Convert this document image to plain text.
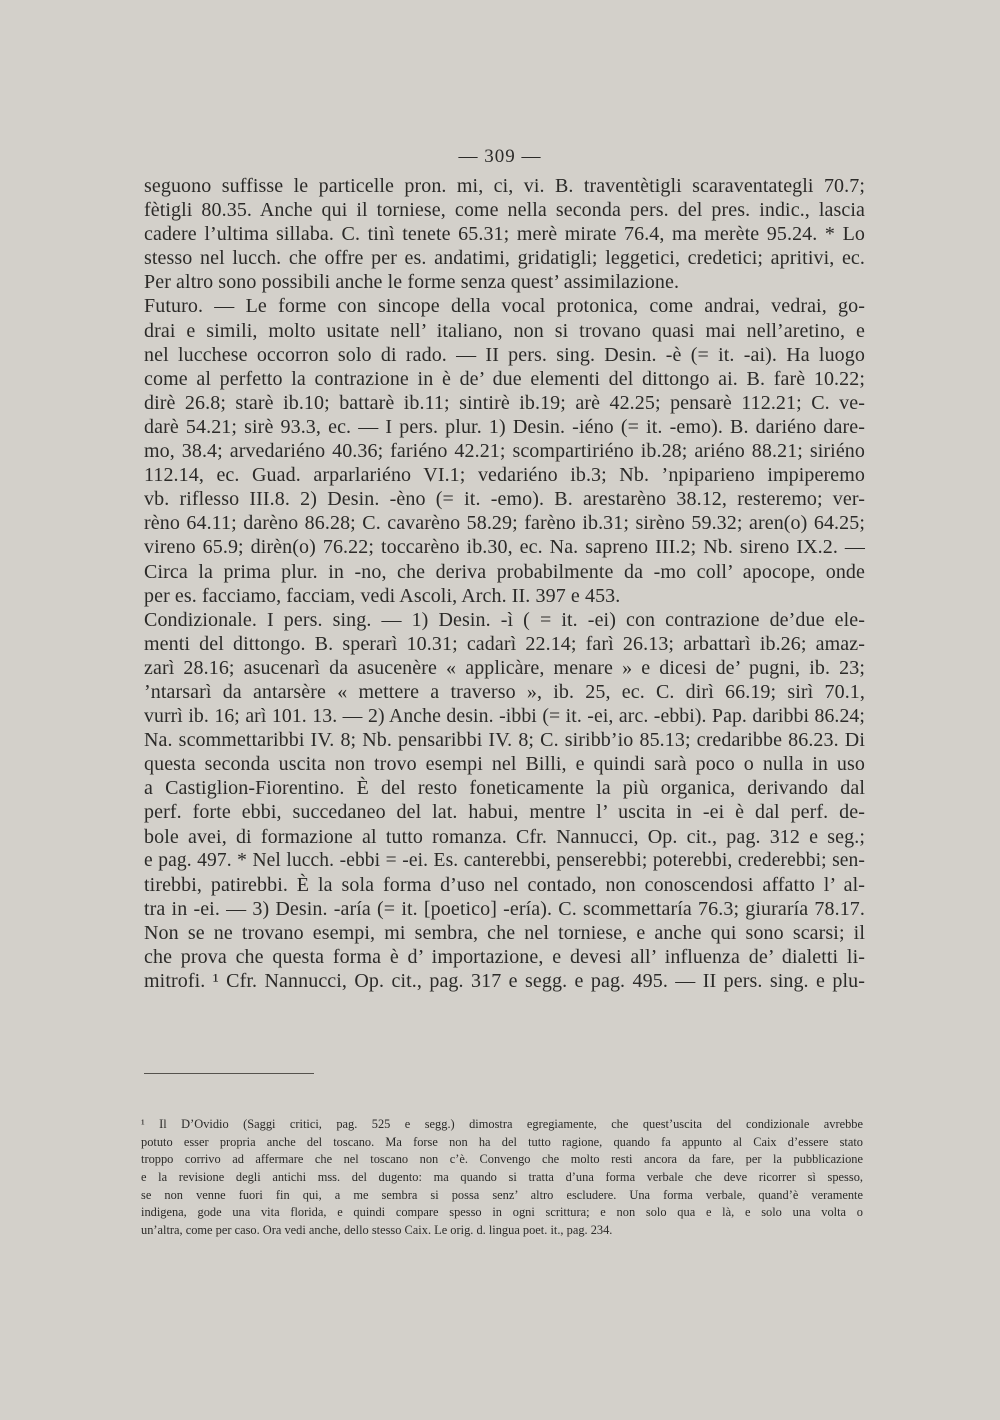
— 309 —
seguono suffisse le particelle pron. mi, ci, vi. B. traventètigli scaraventategli 70.7;
fètigli 80.35. Anche qui il torniese, come nella seconda pers. del pres. indic., lascia
cadere l’ultima sillaba. C. tinì tenete 65.31; merè mirate 76.4, ma merète 95.24. * Lo
stesso nel lucch. che offre per es. andatimi, gridatigli; leggetici, credetici; apritivi, ec.
Per altro sono possibili anche le forme senza quest’ assimilazione.
Futuro. — Le forme con sincope della vocal protonica, come andrai, vedrai, go-
drai e simili, molto usitate nell’ italiano, non si trovano quasi mai nell’aretino, e
nel lucchese occorron solo di rado. — II pers. sing. Desin. -è (= it. -ai). Ha luogo
come al perfetto la contrazione in è de’ due elementi del dittongo ai. B. farè 10.22;
dirè 26.8; starè ib.10; battarè ib.11; sintirè ib.19; arè 42.25; pensarè 112.21; C. ve-
darè 54.21; sirè 93.3, ec. — I pers. plur. 1) Desin. -iéno (= it. -emo). B. dariéno dare-
mo, 38.4; arvedariéno 40.36; fariéno 42.21; scompartiriéno ib.28; ariéno 88.21; siriéno
112.14, ec. Guad. arparlariéno VI.1; vedariéno ib.3; Nb. ’npiparieno impiperemo
vb. riflesso III.8. 2) Desin. -èno (= it. -emo). B. arestarèno 38.12, resteremo; ver-
rèno 64.11; darèno 86.28; C. cavarèno 58.29; farèno ib.31; sirèno 59.32; aren(o) 64.25;
vireno 65.9; dirèn(o) 76.22; toccarèno ib.30, ec. Na. sapreno III.2; Nb. sireno IX.2. —
Circa la prima plur. in -no, che deriva probabilmente da -mo coll’ apocope, onde
per es. facciamo, facciam, vedi Ascoli, Arch. II. 397 e 453.
Condizionale. I pers. sing. — 1) Desin. -ì ( = it. -ei) con contrazione de’due ele-
menti del dittongo. B. sperarì 10.31; cadarì 22.14; farì 26.13; arbattarì ib.26; amaz-
zarì 28.16; asucenarì da asucenère « applicàre, menare » e dicesi de’ pugni, ib. 23;
’ntarsarì da antarsère « mettere a traverso », ib. 25, ec. C. dirì 66.19; sirì 70.1,
vurrì ib. 16; arì 101. 13. — 2) Anche desin. -ibbi (= it. -ei, arc. -ebbi). Pap. daribbi 86.24;
Na. scommettaribbi IV. 8; Nb. pensaribbi IV. 8; C. siribb’io 85.13; credaribbe 86.23. Di
questa seconda uscita non trovo esempi nel Billi, e quindi sarà poco o nulla in uso
a Castiglion-Fiorentino. È del resto foneticamente la più organica, derivando dal
perf. forte ebbi, succedaneo del lat. habui, mentre l’ uscita in -ei è dal perf. de-
bole avei, di formazione al tutto romanza. Cfr. Nannucci, Op. cit., pag. 312 e seg.;
e pag. 497. * Nel lucch. -ebbi = -ei. Es. canterebbi, penserebbi; poterebbi, crederebbi; sen-
tirebbi, patirebbi. È la sola forma d’uso nel contado, non conoscendosi affatto l’ al-
tra in -ei. — 3) Desin. -aría (= it. [poetico] -ería). C. scommettaría 76.3; giuraría 78.17.
Non se ne trovano esempi, mi sembra, che nel torniese, e anche qui sono scarsi; il
che prova che questa forma è d’ importazione, e devesi all’ influenza de’ dialetti li-
mitrofi. ¹ Cfr. Nannucci, Op. cit., pag. 317 e segg. e pag. 495. — II pers. sing. e plu-
¹ Il D’Ovidio (Saggi critici, pag. 525 e segg.) dimostra egregiamente, che quest’uscita del condizionale avrebbe
potuto esser propria anche del toscano. Ma forse non ha del tutto ragione, quando fa appunto al Caix d’essere stato
troppo corrivo ad affermare che nel toscano non c’è. Convengo che molto resti ancora da fare, per la pubblicazione
e la revisione degli antichi mss. del dugento: ma quando si tratta d’una forma verbale che deve ricorrer sì spesso,
se non venne fuori fin qui, a me sembra si possa senz’ altro escludere. Una forma verbale, quand’è veramente
indigena, gode una vita florida, e quindi compare spesso in ogni scrittura; e non solo qua e là, e solo una volta o
un’altra, come per caso. Ora vedi anche, dello stesso Caix. Le orig. d. lingua poet. it., pag. 234.
